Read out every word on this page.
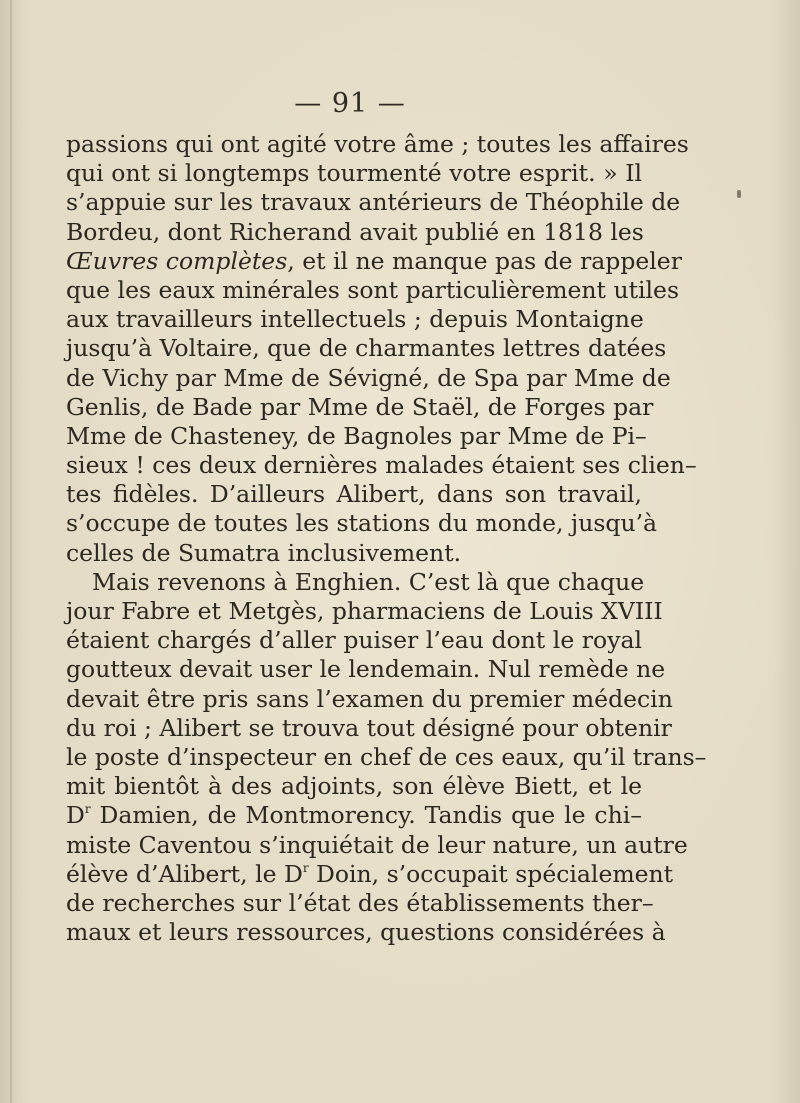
— 91 —
passions qui ont agité votre âme ; toutes les affaires
qui ont si longtemps tourmenté votre esprit. » Il
s’appuie sur les travaux antérieurs de Théophile de
Bordeu, dont Richerand avait publié en 1818 les
Œuvres complètes, et il ne manque pas de rappeler
que les eaux minérales sont particulièrement utiles
aux travailleurs intellectuels ; depuis Montaigne
jusqu’à Voltaire, que de charmantes lettres datées
de Vichy par Mme de Sévigné, de Spa par Mme de
Genlis, de Bade par Mme de Staël, de Forges par
Mme de Chasteney, de Bagnoles par Mme de Pi–
sieux ! ces deux dernières malades étaient ses clien–
tes fidèles. D’ailleurs Alibert, dans son travail,
s’occupe de toutes les stations du monde, jusqu’à
celles de Sumatra inclusivement.
Mais revenons à Enghien. C’est là que chaque
jour Fabre et Metgès, pharmaciens de Louis XVIII
étaient chargés d’aller puiser l’eau dont le royal
goutteux devait user le lendemain. Nul remède ne
devait être pris sans l’examen du premier médecin
du roi ; Alibert se trouva tout désigné pour obtenir
le poste d’inspecteur en chef de ces eaux, qu’il trans–
mit bientôt à des adjoints, son élève Biett, et le
$D^r$ Damien, de Montmorency. Tandis que le chi–
miste Caventou s’inquiétait de leur nature, un autre
élève d’Alibert, le $D^r$ Doin, s’occupait spécialement
de recherches sur l’état des établissements ther–
maux et leurs ressources, questions considérées à
